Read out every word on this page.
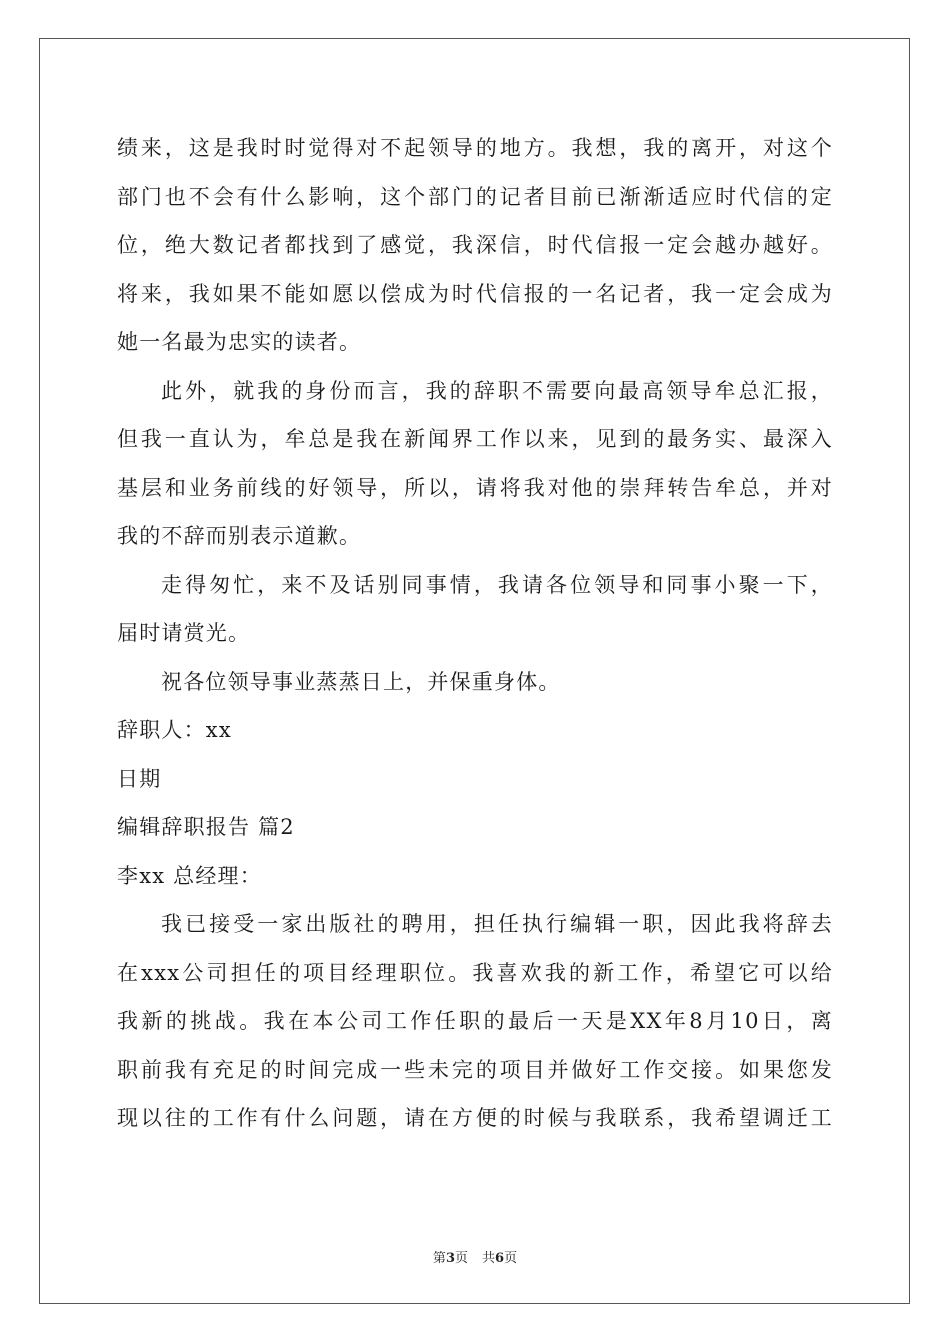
绩来，这是我时时觉得对不起领导的地方。我想，我的离开，对这个
部门也不会有什么影响，这个部门的记者目前已渐渐适应时代信的定
位，绝大数记者都找到了感觉，我深信，时代信报一定会越办越好。
将来，我如果不能如愿以偿成为时代信报的一名记者，我一定会成为
她一名最为忠实的读者。
此外，就我的身份而言，我的辞职不需要向最高领导牟总汇报，
但我一直认为，牟总是我在新闻界工作以来，见到的最务实、最深入
基层和业务前线的好领导，所以，请将我对他的崇拜转告牟总，并对
我的不辞而别表示道歉。
走得匆忙，来不及话别同事情，我请各位领导和同事小聚一下，
届时请赏光。
祝各位领导事业蒸蒸日上，并保重身体。
辞职人：xx
日期
编辑辞职报告 篇2
李xx 总经理：
我已接受一家出版社的聘用，担任执行编辑一职，因此我将辞去
在xxx公司担任的项目经理职位。我喜欢我的新工作，希望它可以给
我新的挑战。我在本公司工作任职的最后一天是XX年8月10日，离
职前我有充足的时间完成一些未完的项目并做好工作交接。如果您发
现以往的工作有什么问题，请在方便的时候与我联系，我希望调迁工
第3页 共6页
